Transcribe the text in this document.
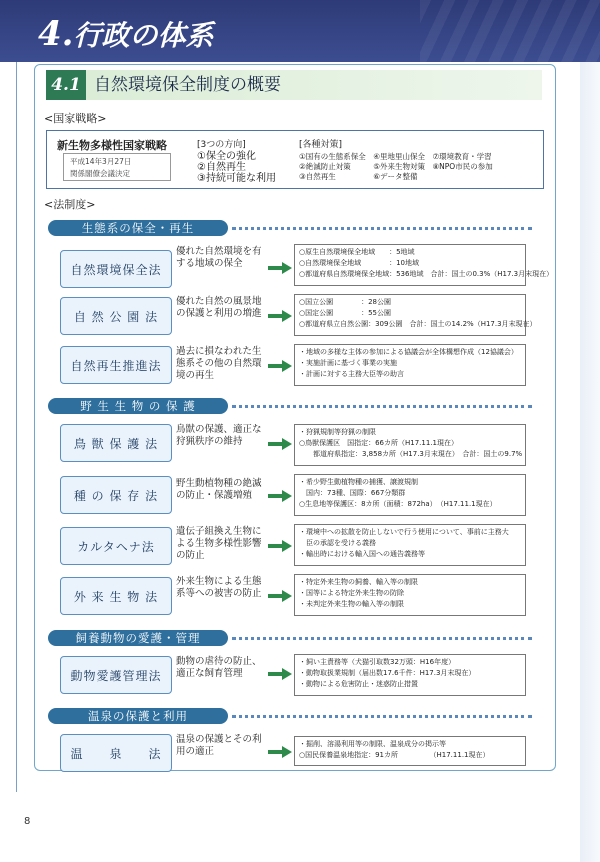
4.行政の体系
4.1 自然環境保全制度の概要
<国家戦略>
新生物多様性国家戦略
平成14年3月27日
関係閣僚会議決定
[3つの方向]
①保全の強化
②自然再生
③持続可能な利用
[各種対策]
①国有の生態系保全　④里地里山保全　⑦環境教育・学習
②絶滅防止対策　　　⑤外来生物対策　⑧NPO市民の参加
③自然再生　　　　　⑥データ整備
<法制度>
生態系の保全・再生
自然環境保全法
優れた自然環境を有する地域の保全
○原生自然環境保全地域　　：5地域
○自然環境保全地域　　　　：10地域
○都道府県自然環境保全地域：536地域　合計：国土の0.3%（H17.3月末現在）
自 然 公 園 法
優れた自然の風景地の保護と利用の増進
○国立公園　　　　：28公園
○国定公園　　　　：55公園
○都道府県立自然公園：309公園　合計：国土の14.2%（H17.3月末現在）
自然再生推進法
過去に損なわれた生態系その他の自然環境の再生
・地域の多様な主体の参加による協議会が全体構想作成（12協議会）
・実施計画に基づく事業の実施
・計画に対する主務大臣等の助言
野 生 生 物 の 保 護
鳥 獣 保 護 法
鳥獣の保護、適正な狩猟秩序の維持
・狩猟規制等狩猟の制限
○鳥獣保護区　国指定：66カ所（H17.11.1現在）
　　都道府県指定：3,858カ所（H17.3月末現在）　合計：国土の9.7%
種 の 保 存 法
野生動植物種の絶滅の防止・保護増殖
・希少野生動植物種の捕獲、譲渡規制
　国内：73種、国際：667分類群
○生息地等保護区：8カ所（面積：872ha）　（H17.11.1現在）
カルタヘナ法
遺伝子組換え生物による生物多様性影響の防止
・環境中への拡散を防止しないで行う使用について、事前に主務大
　臣の承認を受ける義務
・輸出時における輸入国への通告義務等
外 来 生 物 法
外来生物による生態系等への被害の防止
・特定外来生物の飼養、輸入等の制限
・国等による特定外来生物の防除
・未判定外来生物の輸入等の制限
飼養動物の愛護・管理
動物愛護管理法
動物の虐待の防止、適正な飼育管理
・飼い主責務等（犬猫引取数32万頭：H16年度）
・動物取扱業規制（届出数17.6千件：H17.3月末現在）
・動物による危害防止・迷惑防止措置
温泉の保護と利用
温　　泉　　法
温泉の保護とその利用の適正
・掘削、溶湯利用等の制限、温泉成分の掲示等
○国民保養温泉地指定：91カ所　　　　　（H17.11.1現在）
8
